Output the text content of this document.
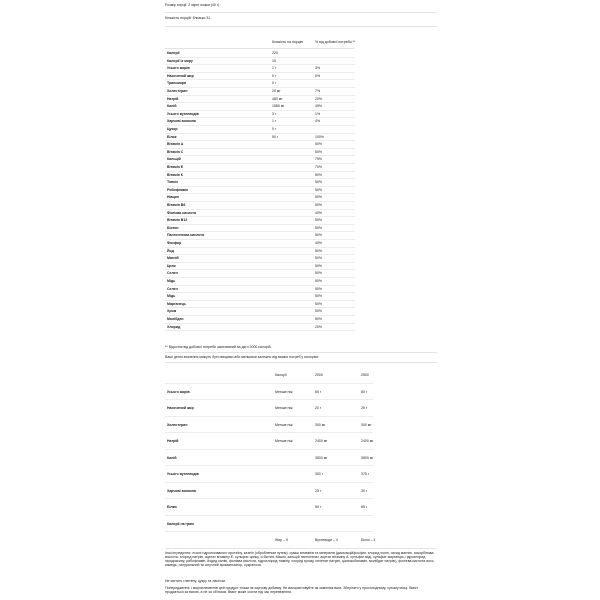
Розмір порції: 2 мірні ложки (40 г)
Кількість порцій: близько 31
Кількість на порцію	% від добової потреби **
Калорії	220
Калорії із жиру	15
Усього жирів	1 г	3%
Насичений жир	0 г	0%
Трансжири	0 г
Холестерин	20 мг	7%
Натрій	480 мг	20%
Калій	1580 мг	45%
Усього вуглеводів	3 г	1%
Харчові волокна	1 г	4%
Цукор	0 г
Білок	50 г	100%
Вітамін А	50%
Вітамін С	50%
Кальцій	75%
Вітамін Е	70%
Вітамін К	50%
Тіамін	50%
Рибофлавін	50%
Ніацин	50%
Вітамін В6	50%
Фолієва кислота	40%
Вітамін В12	50%
Біотин	50%
Пантотенова кислота	50%
Фосфор	40%
Йод	50%
Магній	50%
Цинк	50%
Селен	50%
Мідь	50%
Селен	50%
Мідь	50%
Марганець	50%
Хром	50%
Молібден	50%
Хлорид	20%
** Відсоток від добової потреби заснований на дієті 2000 калорій.
Ваші денні значення можуть бути вищими або меншими залежно від ваших потреб у калоріях:
Калорії	2000	2500
Усього жирів	Менше ніж	65 г	80 г
Насичений жир	Менше ніж	20 г	25 г
Холестерин	Менше ніж	300 мг	300 мг
Натрій	Менше ніж	2400 мг	2400 мг
Калій	3500 мг	3500 мг
Усього вуглеводів	300 г	375 г
Харчові волокна	25 г	30 г
Білки	50 г	65 г
Калорії на грам
Жир – 9	Вуглеводи – 4	Білок – 4
Інші інгредієнти: лізоні гідролізованого протеїну, казеїн (обробленим путем), суміш вітамінів та мінералів (дикальційфосфат, хлорид холін, оксид магнію, аскорбінова кислота, хлорид натрію, ацетат вітаміну Е, сульфат цинку, d-біотин, Мішик, кальцій пантотенат, ацетат вітаміну А, сульфат міді, сульфат марганцю, гідрохлорид піридоксину, рибофлавін, йодид калію, фолієва кислота, гідрохлорид тіаміну, хлорид хрому, селенат натрію, ціанокобаламін, молібдат натрію), фолієва кислота аосс, камедь, натуральний та штучний ароматизатор, сукралоза.
Не містить глютену, цукру та лактози.
Попередження: і мікроелементів цей продукт тільки як харчову добавку. Не використовуйте як замінник ваги. Зберігати у прохолодному, сухому місці. Вміст продається за вагою, а не за об'ємом. Вміст може осісти під час перевезення.
